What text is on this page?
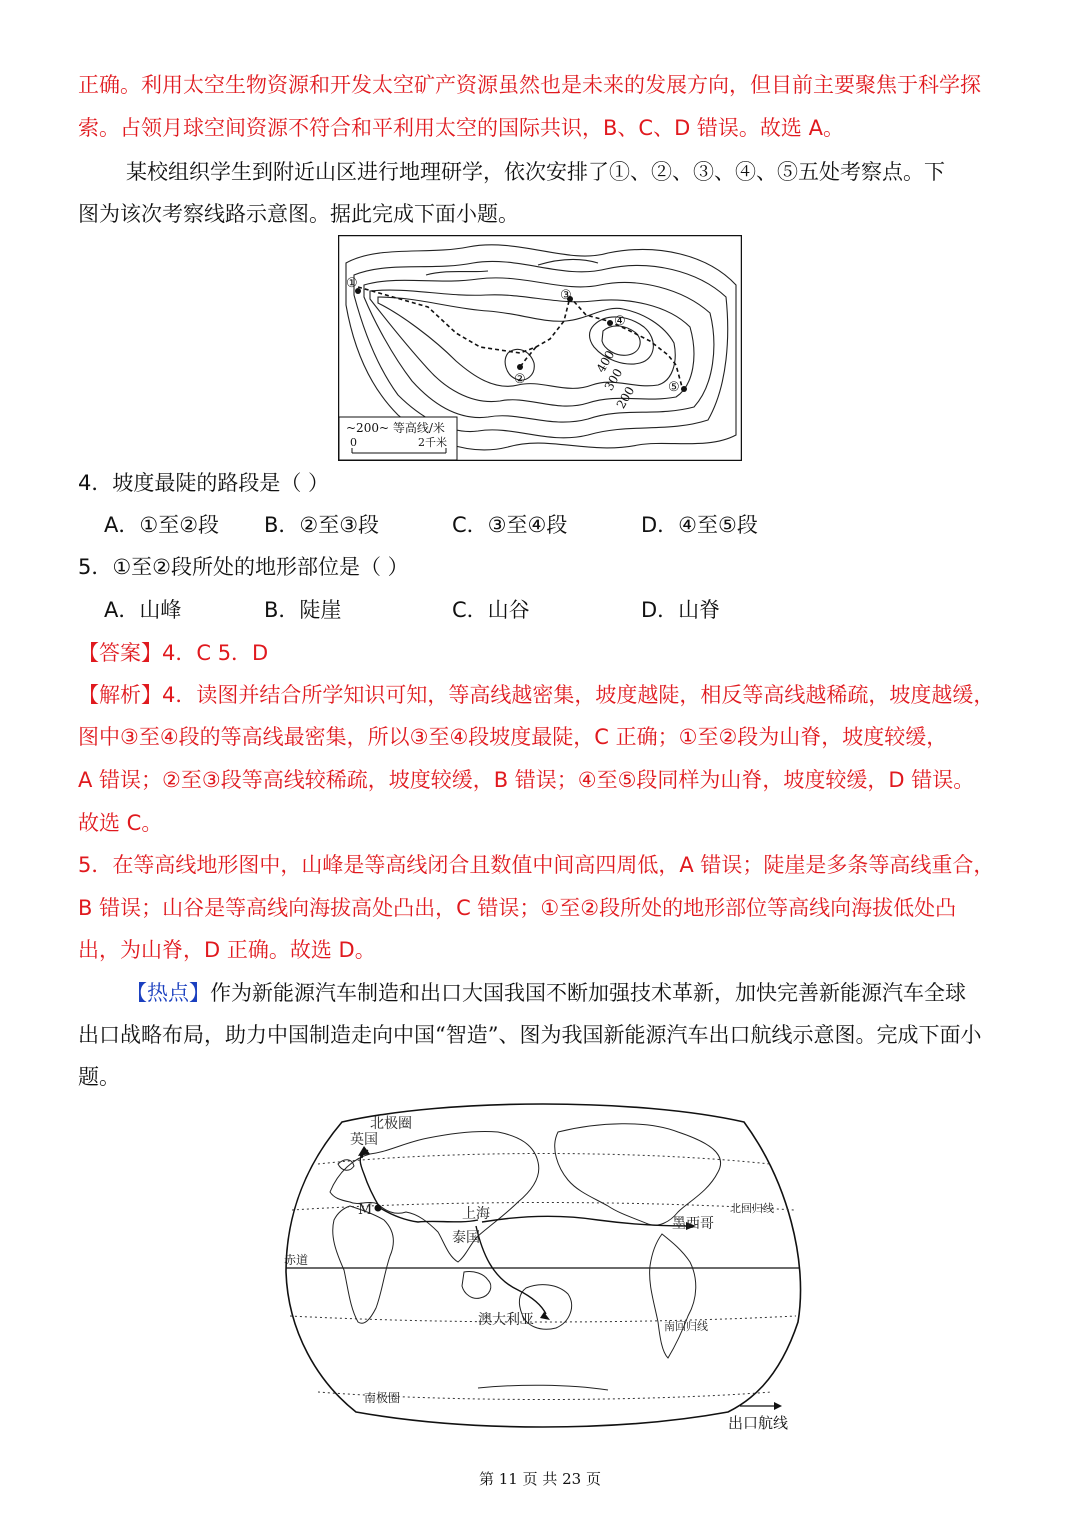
正确。利用太空生物资源和开发太空矿产资源虽然也是未来的发展方向，但目前主要聚焦于科学探
索。占领月球空间资源不符合和平利用太空的国际共识，B、C、D 错误。故选 A。
某校组织学生到附近山区进行地理研学，依次安排了①、②、③、④、⑤五处考察点。下
图为该次考察线路示意图。据此完成下面小题。
①
②
③
④
⑤
400
300
200
~200~ 等高线/米
0	2千米
4．坡度最陡的路段是（ ）
A．①至②段 B．②至③段	C．③至④段	D．④至⑤段
5．①至②段所处的地形部位是（ ）
A．山峰	B．陡崖	C．山谷	D．山脊
【答案】4．C 5．D
【解析】4．读图并结合所学知识可知，等高线越密集，坡度越陡，相反等高线越稀疏，坡度越缓，
图中③至④段的等高线最密集，所以③至④段坡度最陡，C 正确；①至②段为山脊，坡度较缓，
A 错误；②至③段等高线较稀疏，坡度较缓，B 错误；④至⑤段同样为山脊，坡度较缓，D 错误。
故选 C。
5．在等高线地形图中，山峰是等高线闭合且数值中间高四周低，A 错误；陡崖是多条等高线重合，
B 错误；山谷是等高线向海拔高处凸出，C 错误；①至②段所处的地形部位等高线向海拔低处凸
出，为山脊，D 正确。故选 D。
【热点】作为新能源汽车制造和出口大国我国不断加强技术革新，加快完善新能源汽车全球
出口战略布局，助力中国制造走向中国“智造”、图为我国新能源汽车出口航线示意图。完成下面小
题。
北极圈
英国
M	上海
泰国
墨西哥
北回归线
赤道
澳大利亚	南回归线
南极圈
出口航线
第 11 页 共 23 页
